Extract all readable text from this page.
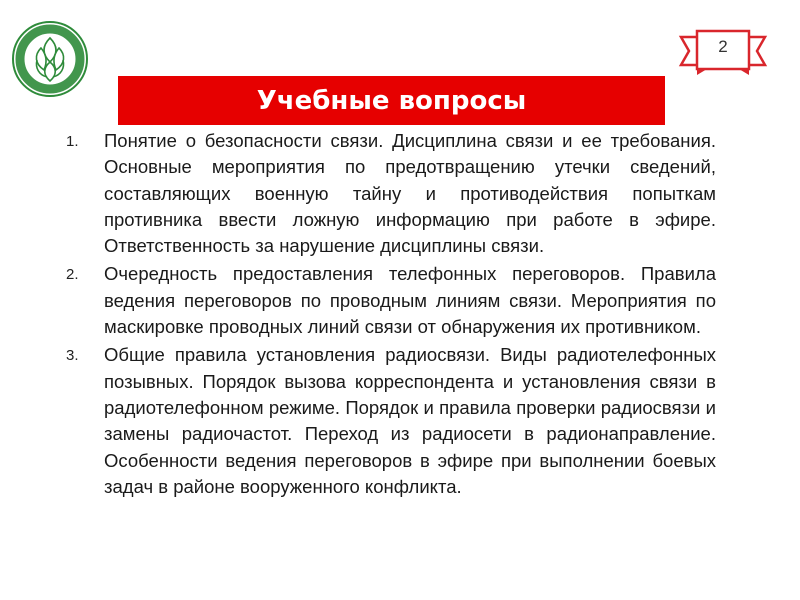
2
Учебные вопросы
1.	Понятие о безопасности связи. Дисциплина связи и ее требования. Основные мероприятия по предотвращению утечки сведений, составляющих военную тайну и противодействия попыткам противника ввести ложную информацию при работе в эфире. Ответственность за нарушение дисциплины связи.
2.	Очередность предоставления телефонных переговоров. Правила ведения переговоров по проводным линиям связи. Мероприятия по маскировке проводных линий связи от обнаружения их противником.
3.	Общие правила установления радиосвязи. Виды радиотелефонных позывных. Порядок вызова корреспондента и установления связи в радиотелефонном режиме. Порядок и правила проверки радиосвязи и замены радиочастот. Переход из радиосети в радионаправление. Особенности ведения переговоров в эфире при выполнении боевых задач в районе вооруженного конфликта.
